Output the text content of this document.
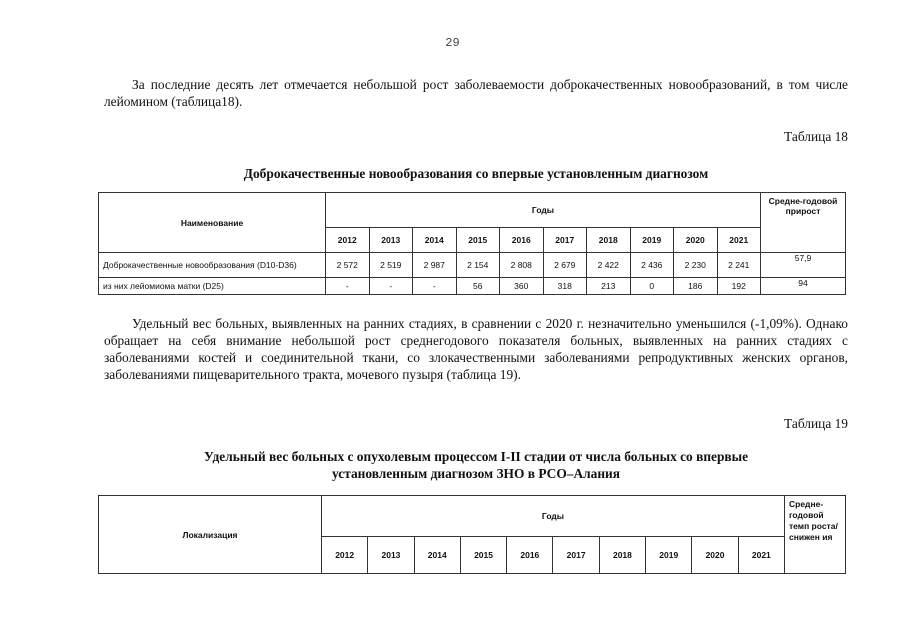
29
За последние десять лет отмечается небольшой рост заболеваемости доброкачественных новообразований, в том числе лейомином (таблица18).
Таблица 18
Доброкачественные новообразования со впервые установленным диагнозом
Наименование	Годы										Средне-годовой прирост
	2012	2013	2014	2015	2016	2017	2018	2019	2020	2021	
Доброкачественные новообразования (D10-D36)	2 572	2 519	2 987	2 154	2 808	2 679	2 422	2 436	2 230	2 241	57,9
из них лейомиома матки (D25)	-	-	-	56	360	318	213	0	186	192	94
Удельный вес больных, выявленных на ранних стадиях, в сравнении с 2020 г. незначительно уменьшился (-1,09%). Однако обращает на себя внимание небольшой рост среднегодового показателя больных, выявленных на ранних стадиях с заболеваниями костей и соединительной ткани, со злокачественными заболеваниями репродуктивных женских органов, заболеваниями пищеварительного тракта, мочевого пузыря (таблица 19).
Таблица 19
Удельный вес больных с опухолевым процессом I-II стадии от числа больных со впервые
установленным диагнозом ЗНО в РСО–Алания
Локализация	Годы										Средне-годовой темп роста/ снижен ия
	2012	2013	2014	2015	2016	2017	2018	2019	2020	2021	
